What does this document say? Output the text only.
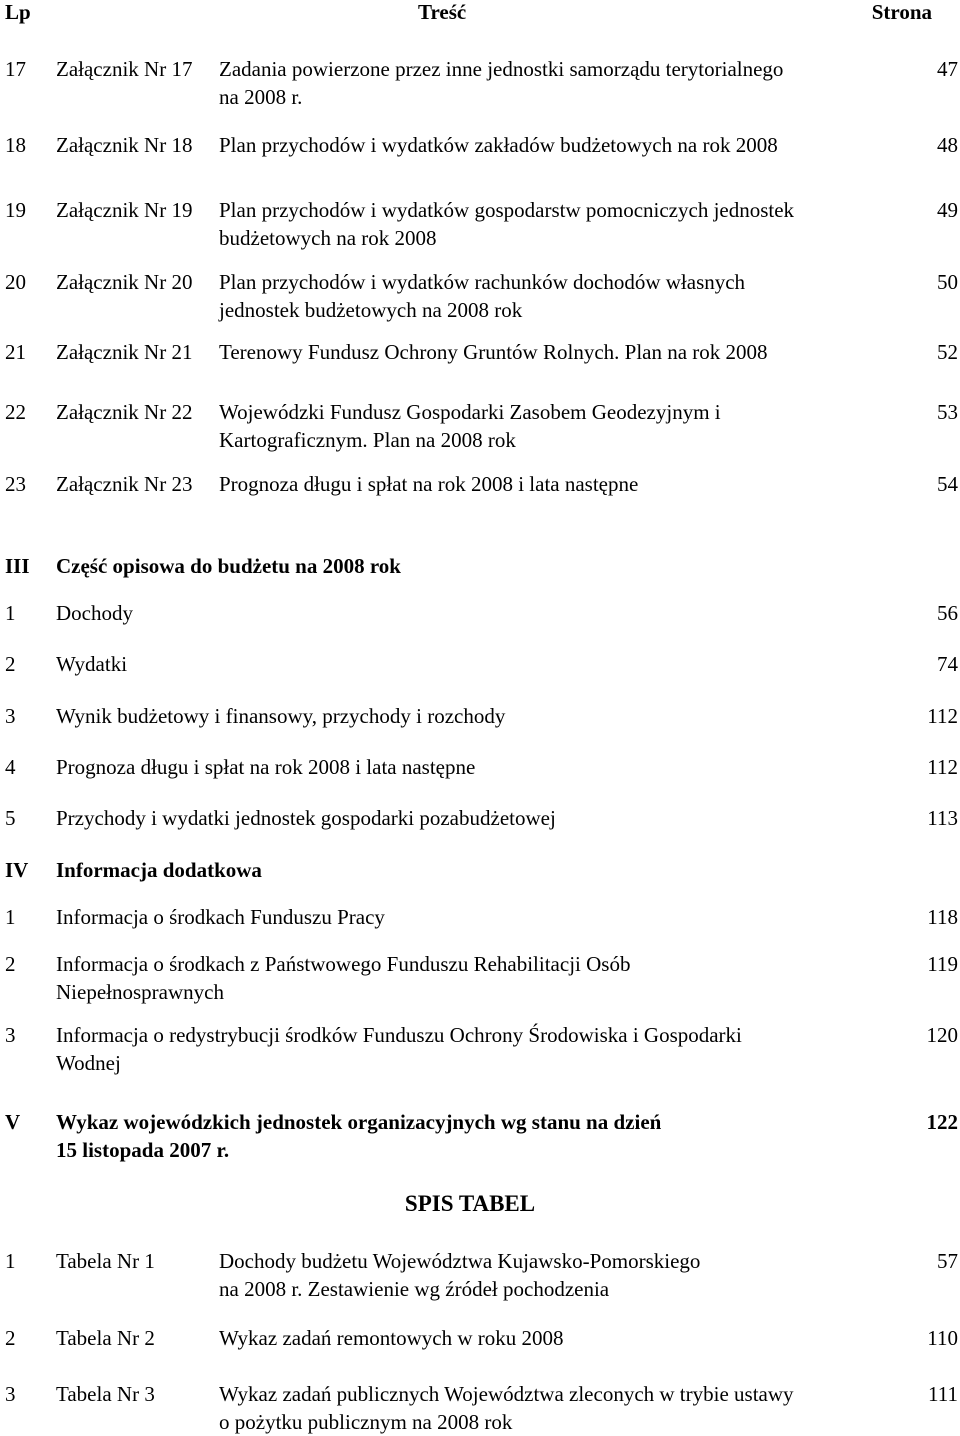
Lp	Treść	Strona
17 Załącznik Nr 17 Zadania powierzone przez inne jednostki samorządu terytorialnego	47
na 2008 r.
18 Załącznik Nr 18 Plan przychodów i wydatków zakładów budżetowych na rok 2008	48
19 Załącznik Nr 19 Plan przychodów i wydatków gospodarstw pomocniczych jednostek	49
budżetowych na rok 2008
20 Załącznik Nr 20 Plan przychodów i wydatków rachunków dochodów własnych	50
jednostek budżetowych na 2008 rok
21 Załącznik Nr 21 Terenowy Fundusz Ochrony Gruntów Rolnych. Plan na rok 2008	52
22 Załącznik Nr 22 Wojewódzki Fundusz Gospodarki Zasobem Geodezyjnym i	53
Kartograficznym. Plan na 2008 rok
23 Załącznik Nr 23 Prognoza długu i spłat na rok 2008 i lata następne	54
III Część opisowa do budżetu na 2008 rok
1 Dochody	56
2 Wydatki	74
3 Wynik budżetowy i finansowy, przychody i rozchody	112
4 Prognoza długu i spłat na rok 2008 i lata następne	112
5 Przychody i wydatki jednostek gospodarki pozabudżetowej	113
IV Informacja dodatkowa
1 Informacja o środkach Funduszu Pracy	118
2 Informacja o środkach z Państwowego Funduszu Rehabilitacji Osób	119
Niepełnosprawnych
3 Informacja o redystrybucji środków Funduszu Ochrony Środowiska i Gospodarki	120
Wodnej
V Wykaz wojewódzkich jednostek organizacyjnych wg stanu na dzień	122
15 listopada 2007 r.
SPIS TABEL
1 Tabela Nr 1	Dochody budżetu Województwa Kujawsko-Pomorskiego	57
na 2008 r. Zestawienie wg źródeł pochodzenia
2 Tabela Nr 2	Wykaz zadań remontowych w roku 2008	110
3 Tabela Nr 3	Wykaz zadań publicznych Województwa zleconych w trybie ustawy	111
o pożytku publicznym na 2008 rok
